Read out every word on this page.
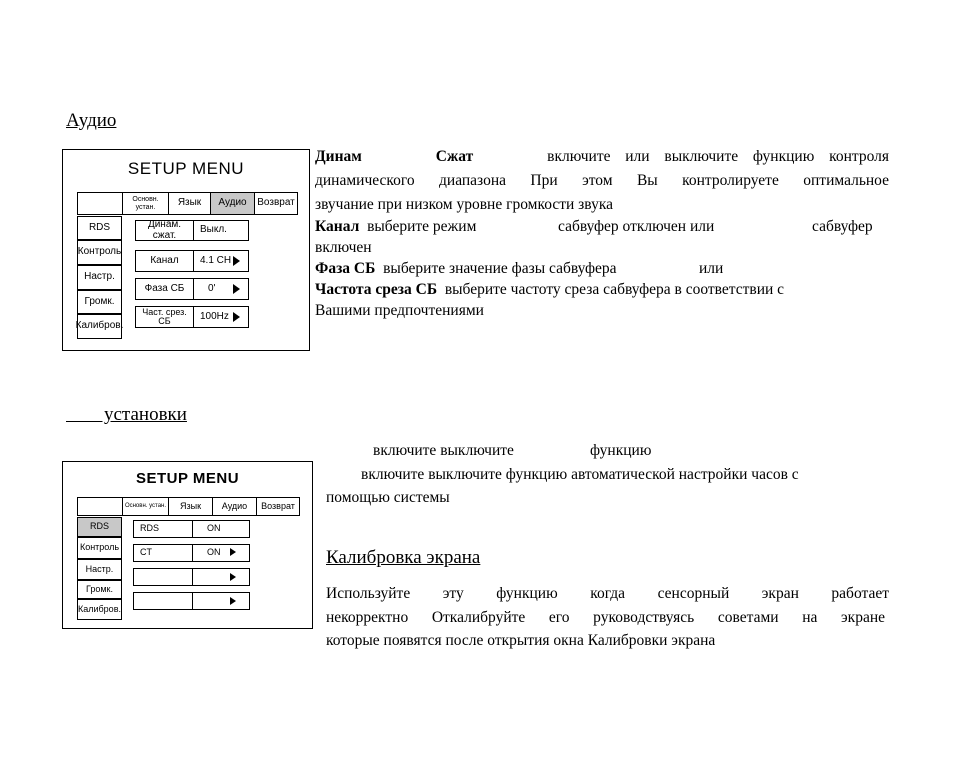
Аудио
SETUP MENU
Основн. устан.	Язык	Аудио	Возврат
RDS
Контроль
Настр.
Громк.
Калибров.
Динам. сжат.	Выкл.
Канал	4.1 CH
Фаза СБ	0'
Част. срез. СБ	100Hz
Динам	Сжат	включите или выключите функцию контроля
динамического диапазона При этом Вы контролируете оптимальное
звучание при низком уровне громкости звука
Канал выберите режим	сабвуфер отключен или	сабвуфер
включен
Фаза СБ выберите значение фазы сабвуфера	или
Частота среза СБ выберите частоту среза сабвуфера в соответствии с
Вашими предпочтениями
установки
SETUP MENU
Основн. устан.	Язык	Аудио	Возврат
RDS
Контроль
Настр.
Громк.
Калибров.
RDS	ON
CT	ON
включите выключите	функцию
включите выключите функцию автоматической настройки часов с
помощью системы
Калибровка экрана
Используйте эту функцию когда сенсорный экран работает
некорректно Откалибруйте его руководствуясь советами на экране
которые появятся после открытия окна Калибровки экрана
